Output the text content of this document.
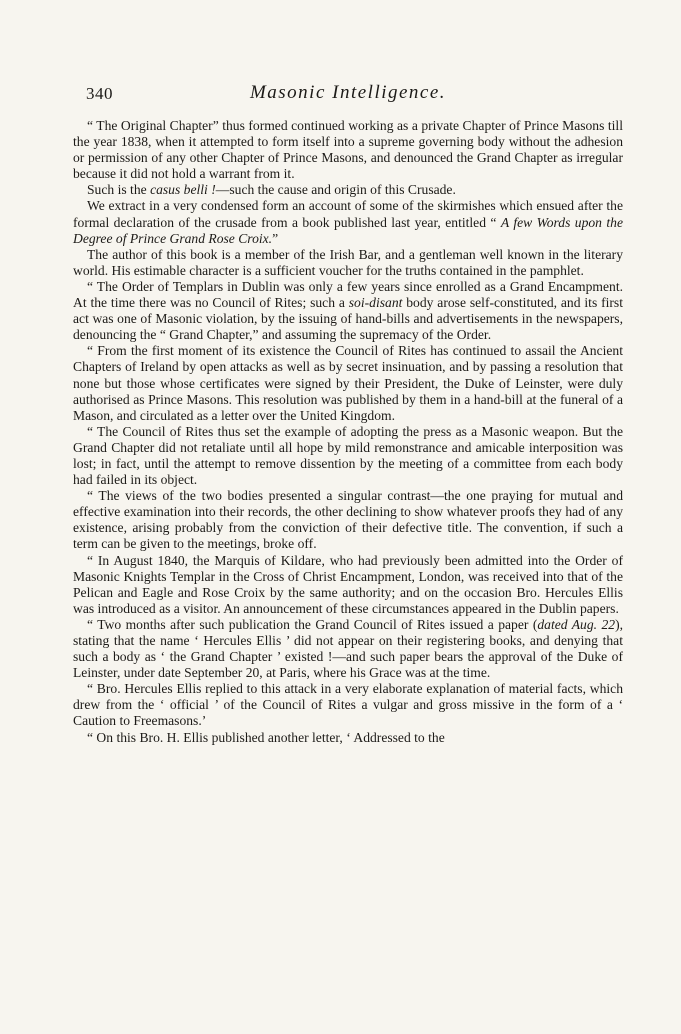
340	Masonic Intelligence.

“ The Original Chapter” thus formed continued working as a private Chapter of Prince Masons till the year 1838, when it attempted to form itself into a supreme governing body without the adhesion or permission of any other Chapter of Prince Masons, and denounced the Grand Chapter as irregular because it did not hold a warrant from it.

Such is the casus belli !—such the cause and origin of this Crusade.

We extract in a very condensed form an account of some of the skirmishes which ensued after the formal declaration of the crusade from a book published last year, entitled “ A few Words upon the Degree of Prince Grand Rose Croix.”

The author of this book is a member of the Irish Bar, and a gentleman well known in the literary world. His estimable character is a sufficient voucher for the truths contained in the pamphlet.

“ The Order of Templars in Dublin was only a few years since enrolled as a Grand Encampment. At the time there was no Council of Rites; such a soi-disant body arose self-constituted, and its first act was one of Masonic violation, by the issuing of hand-bills and advertisements in the newspapers, denouncing the “ Grand Chapter,” and assuming the supremacy of the Order.

“ From the first moment of its existence the Council of Rites has continued to assail the Ancient Chapters of Ireland by open attacks as well as by secret insinuation, and by passing a resolution that none but those whose certificates were signed by their President, the Duke of Leinster, were duly authorised as Prince Masons. This resolution was published by them in a hand-bill at the funeral of a Mason, and circulated as a letter over the United Kingdom.

“ The Council of Rites thus set the example of adopting the press as a Masonic weapon. But the Grand Chapter did not retaliate until all hope by mild remonstrance and amicable interposition was lost; in fact, until the attempt to remove dissention by the meeting of a committee from each body had failed in its object.

“ The views of the two bodies presented a singular contrast—the one praying for mutual and effective examination into their records, the other declining to show whatever proofs they had of any existence, arising probably from the conviction of their defective title. The convention, if such a term can be given to the meetings, broke off.

“ In August 1840, the Marquis of Kildare, who had previously been admitted into the Order of Masonic Knights Templar in the Cross of Christ Encampment, London, was received into that of the Pelican and Eagle and Rose Croix by the same authority; and on the occasion Bro. Hercules Ellis was introduced as a visitor. An announcement of these circumstances appeared in the Dublin papers.

“ Two months after such publication the Grand Council of Rites issued a paper (dated Aug. 22), stating that the name ‘ Hercules Ellis ’ did not appear on their registering books, and denying that such a body as ‘ the Grand Chapter ’ existed !—and such paper bears the approval of the Duke of Leinster, under date September 20, at Paris, where his Grace was at the time.

“ Bro. Hercules Ellis replied to this attack in a very elaborate explanation of material facts, which drew from the ‘ official ’ of the Council of Rites a vulgar and gross missive in the form of a ‘ Caution to Freemasons.’

“ On this Bro. H. Ellis published another letter, ‘ Addressed to the
